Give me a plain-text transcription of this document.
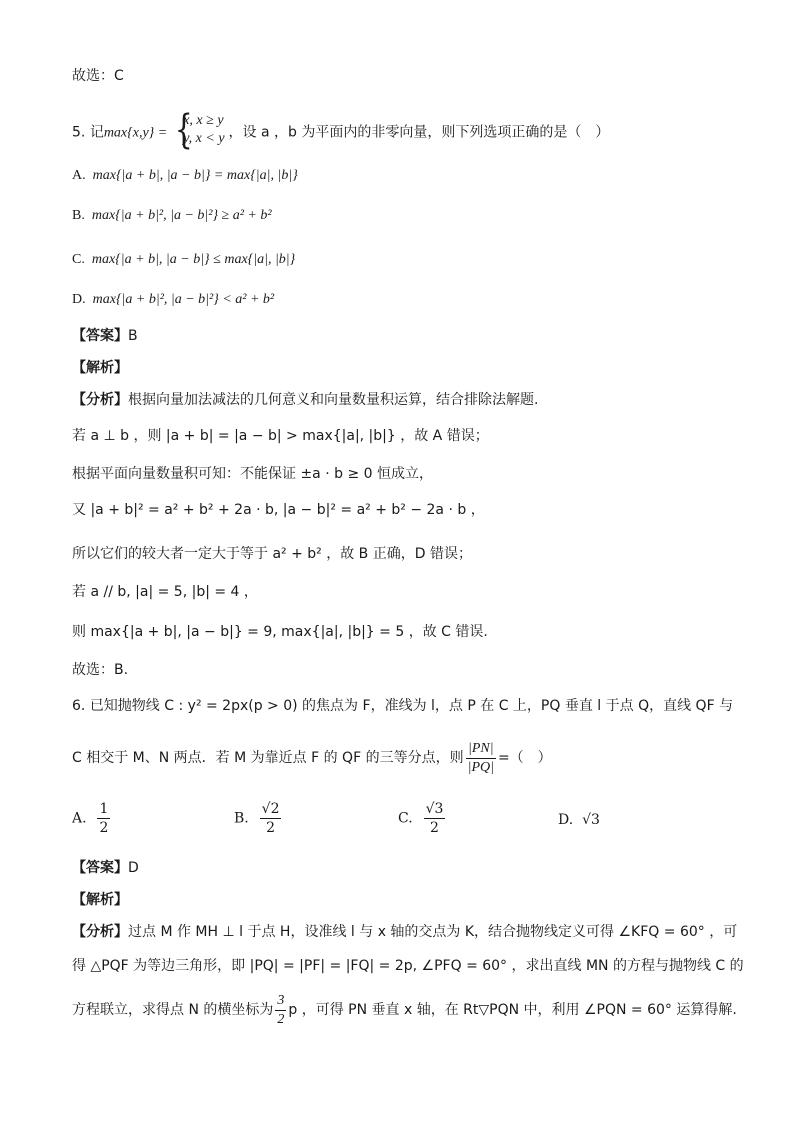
故选：C
5. 记max{x,y} = {
x, x ≥ y
y, x < y ，设 a ，b 为平面内的非零向量，则下列选项正确的是（　）
A. max{|a + b|, |a − b|} = max{|a|, |b|}
B. max{|a + b|², |a − b|²} ≥ a² + b²
C. max{|a + b|, |a − b|} ≤ max{|a|, |b|}
D. max{|a + b|², |a − b|²} < a² + b²
【答案】B
【解析】
【分析】根据向量加法减法的几何意义和向量数量积运算，结合排除法解题.
若 a ⊥ b ，则 |a + b| = |a − b| > max{|a|, |b|} ，故 A 错误；
根据平面向量数量积可知：不能保证 ±a · b ≥ 0 恒成立，
又 |a + b|² = a² + b² + 2a · b, |a − b|² = a² + b² − 2a · b ，
所以它们的较大者一定大于等于 a² + b² ，故 B 正确，D 错误；
若 a // b, |a| = 5, |b| = 4 ，
则 max{|a + b|, |a − b|} = 9, max{|a|, |b|} = 5 ，故 C 错误.
故选：B.
6. 已知抛物线 C : y² = 2px(p > 0) 的焦点为 F，准线为 l，点 P 在 C 上，PQ 垂直 l 于点 Q，直线 QF 与
C 相交于 M、N 两点．若 M 为靠近点 F 的 QF 的三等分点，则 $\frac{|PN|}{|PQ|}$ =（　）
A. $\frac{1}{2}$	B. $\frac{√2}{2}$	C. $\frac{√3}{2}$	D. √3
【答案】D
【解析】
【分析】过点 M 作 MH ⊥ l 于点 H，设准线 l 与 x 轴的交点为 K，结合抛物线定义可得 ∠KFQ = 60° ，可
得 △PQF 为等边三角形，即 |PQ| = |PF| = |FQ| = 2p, ∠PFQ = 60° ，求出直线 MN 的方程与抛物线 C 的
方程联立，求得点 N 的横坐标为 $\frac{3}{2}$ p ，可得 PN 垂直 x 轴，在 Rt▽PQN 中，利用 ∠PQN = 60° 运算得解.
